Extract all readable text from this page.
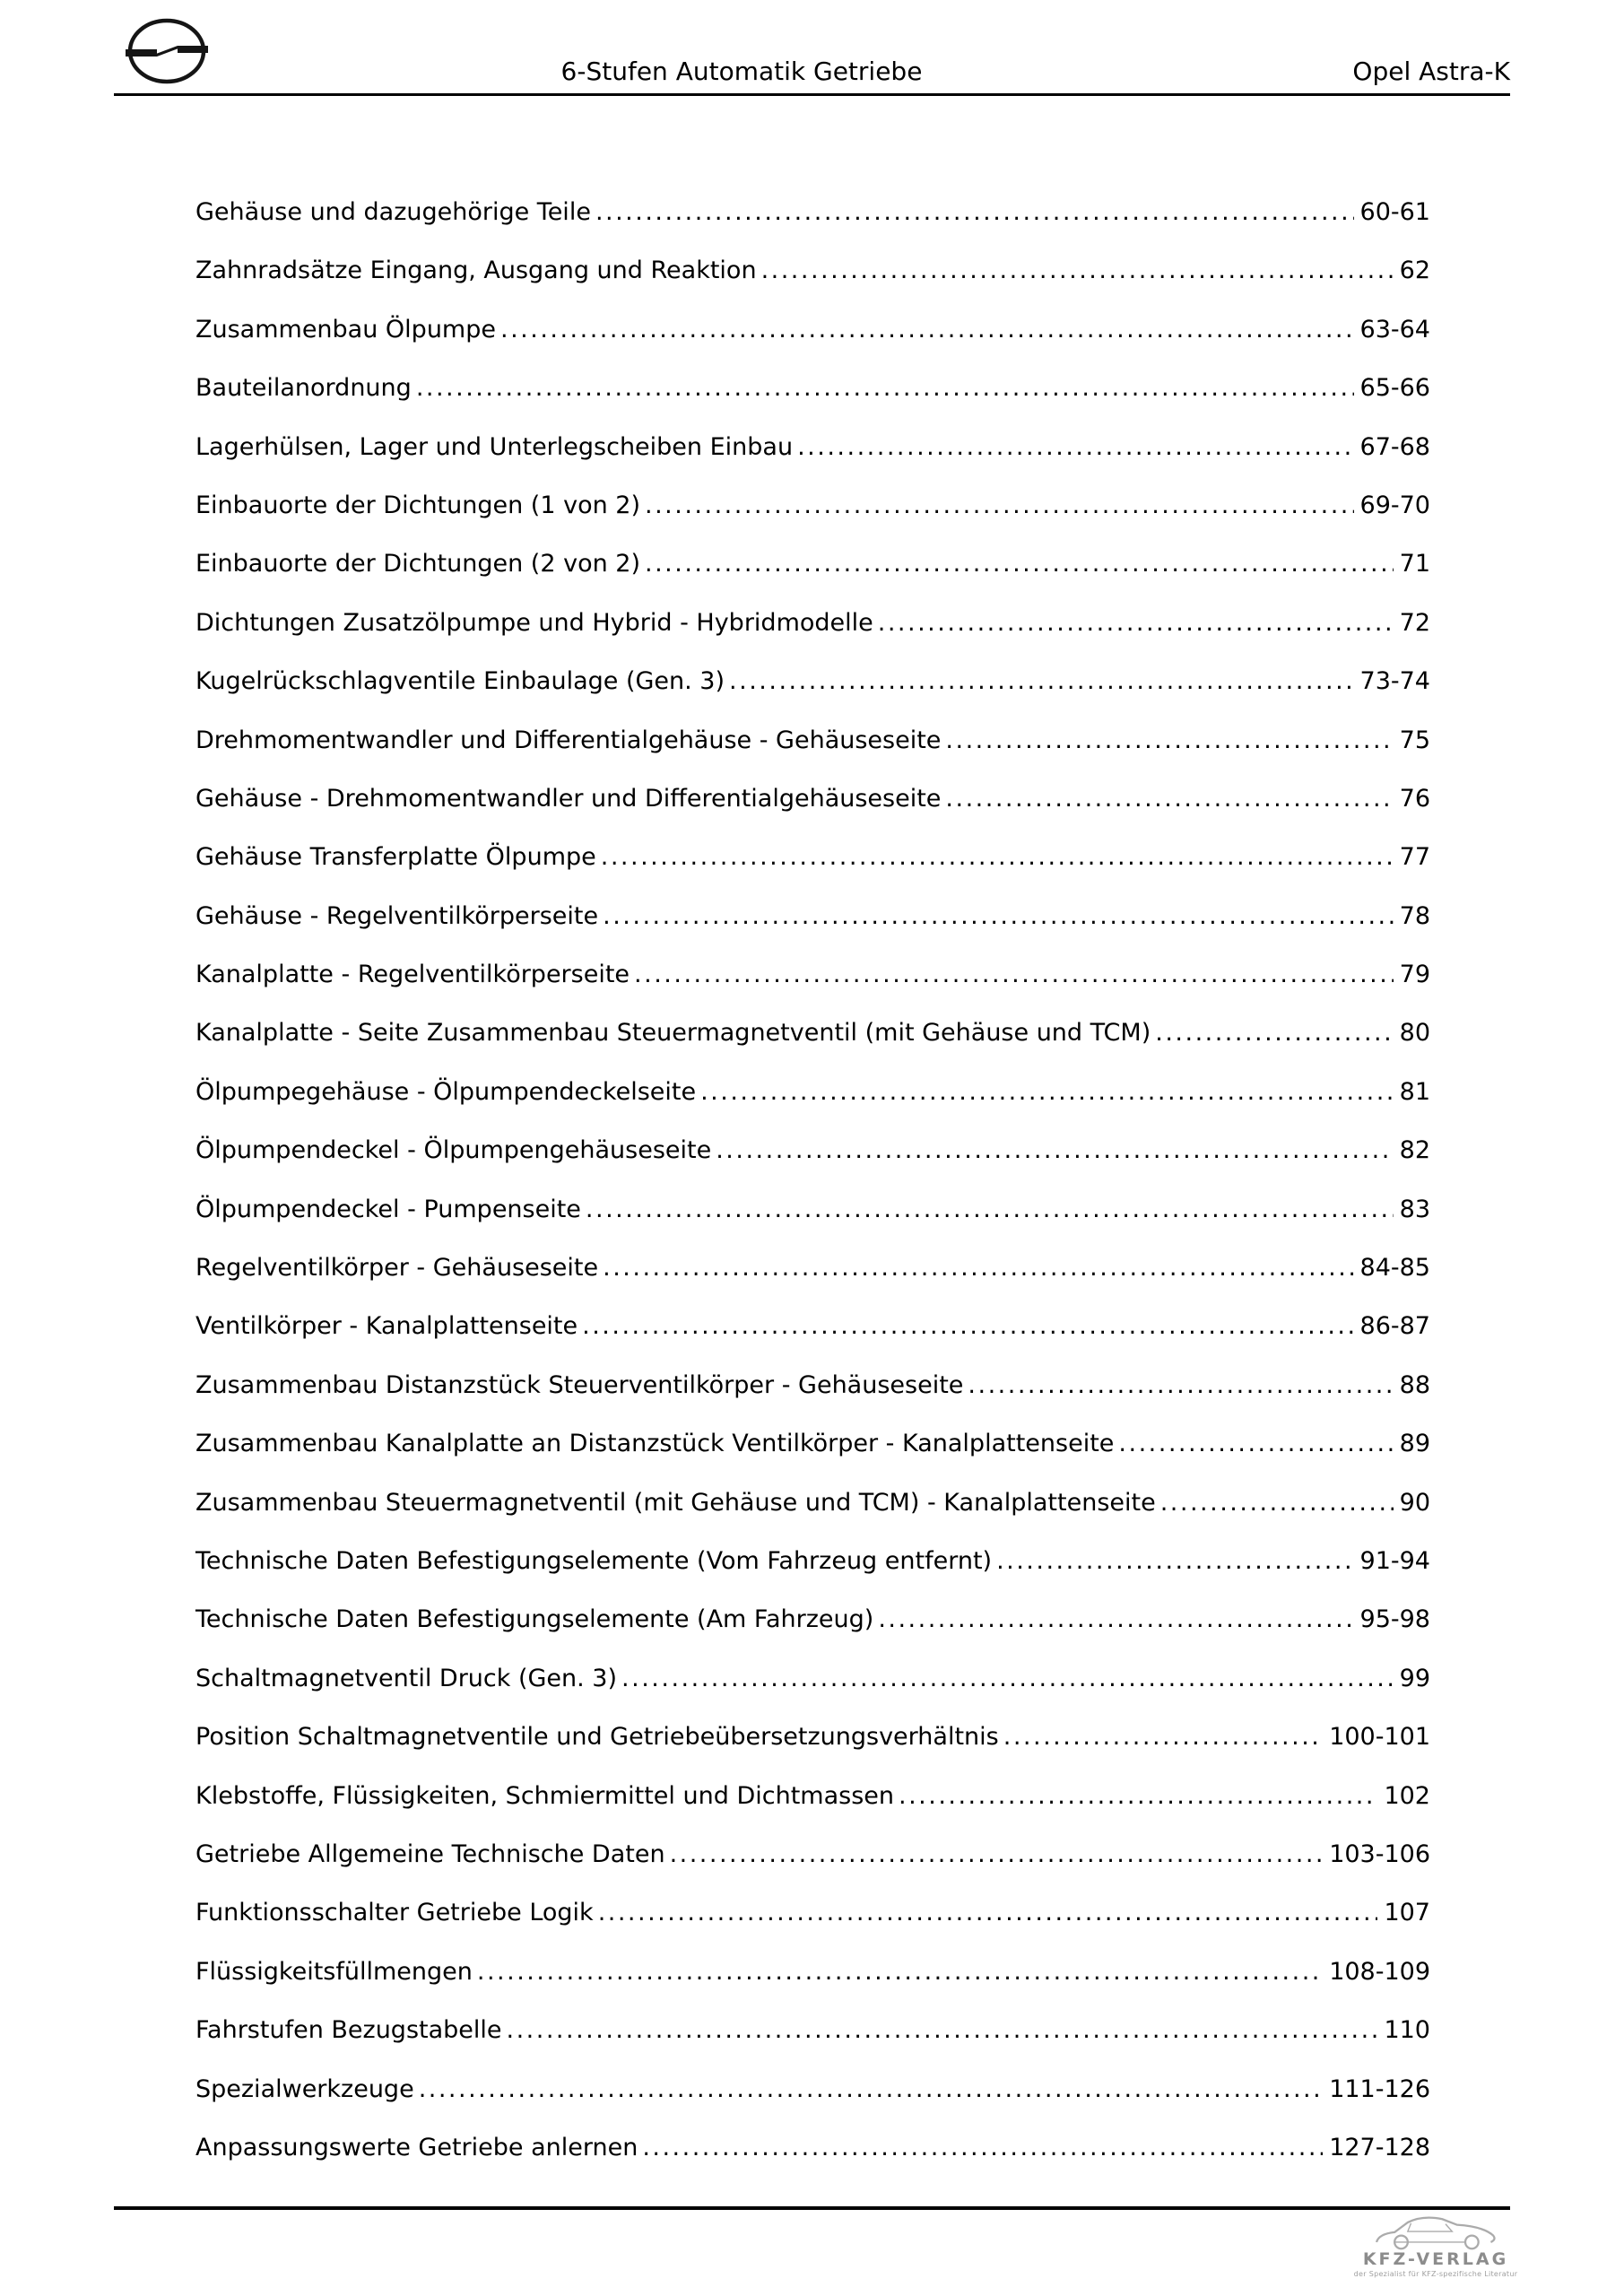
6-Stufen Automatik Getriebe	Opel Astra-K
Gehäuse und dazugehörige Teile .....	60-61
Zahnradsätze Eingang, Ausgang und Reaktion .....	62
Zusammenbau Ölpumpe .....	63-64
Bauteilanordnung .....	65-66
Lagerhülsen, Lager und Unterlegscheiben Einbau .....	67-68
Einbauorte der Dichtungen (1 von 2) .....	69-70
Einbauorte der Dichtungen (2 von 2) .....	71
Dichtungen Zusatzölpumpe und Hybrid - Hybridmodelle .....	72
Kugelrückschlagventile Einbaulage (Gen. 3) .....	73-74
Drehmomentwandler und Differentialgehäuse - Gehäuseseite .....	75
Gehäuse - Drehmomentwandler und Differentialgehäuseseite .....	76
Gehäuse Transferplatte Ölpumpe .....	77
Gehäuse - Regelventilkörperseite .....	78
Kanalplatte - Regelventilkörperseite .....	79
Kanalplatte - Seite Zusammenbau Steuermagnetventil (mit Gehäuse und TCM) .....	80
Ölpumpegehäuse - Ölpumpendeckelseite .....	81
Ölpumpendeckel - Ölpumpengehäuseseite .....	82
Ölpumpendeckel - Pumpenseite .....	83
Regelventilkörper - Gehäuseseite .....	84-85
Ventilkörper - Kanalplattenseite .....	86-87
Zusammenbau Distanzstück Steuerventilkörper - Gehäuseseite .....	88
Zusammenbau Kanalplatte an Distanzstück Ventilkörper - Kanalplattenseite .....	89
Zusammenbau Steuermagnetventil (mit Gehäuse und TCM) - Kanalplattenseite .....	90
Technische Daten Befestigungselemente (Vom Fahrzeug entfernt) .....	91-94
Technische Daten Befestigungselemente (Am Fahrzeug) .....	95-98
Schaltmagnetventil Druck (Gen. 3) .....	99
Position Schaltmagnetventile und Getriebeübersetzungsverhältnis .....	100-101
Klebstoffe, Flüssigkeiten, Schmiermittel und Dichtmassen .....	102
Getriebe Allgemeine Technische Daten .....	103-106
Funktionsschalter Getriebe Logik .....	107
Flüssigkeitsfüllmengen .....	108-109
Fahrstufen Bezugstabelle .....	110
Spezialwerkzeuge .....	111-126
Anpassungswerte Getriebe anlernen .....	127-128
KFZ-VERLAG
der Spezialist für KFZ-spezifische Literatur
